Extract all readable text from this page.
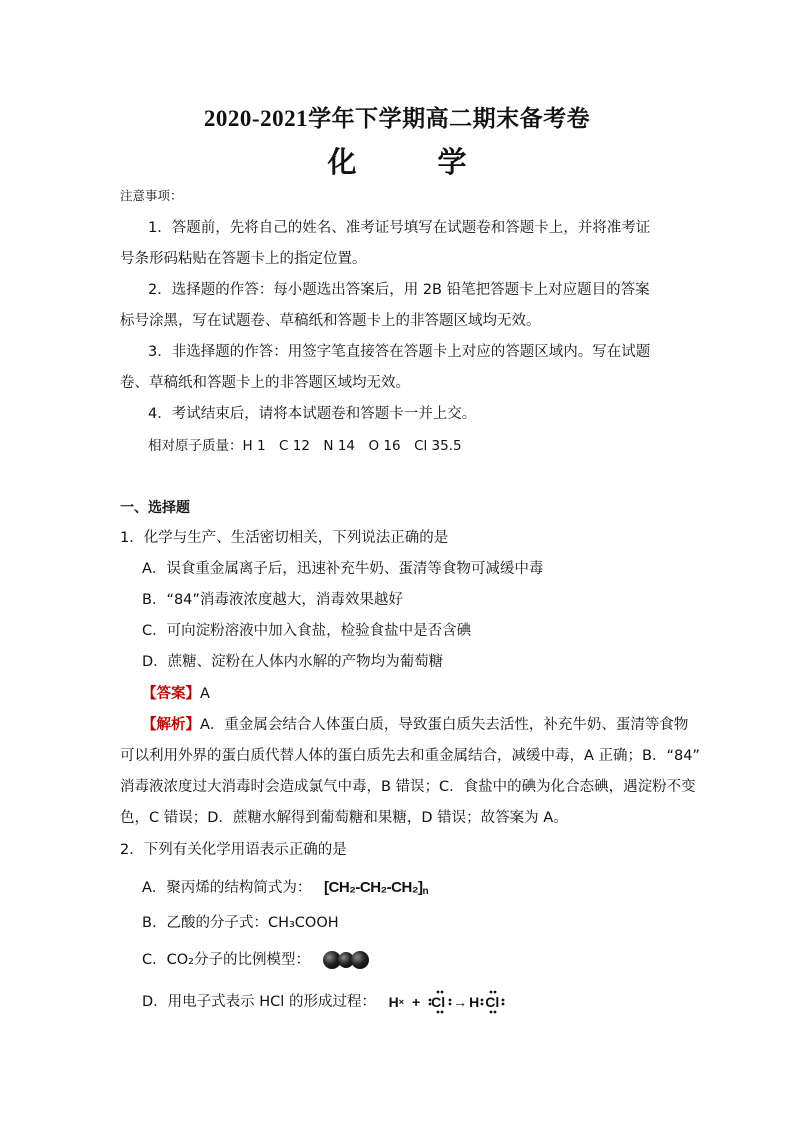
2020-2021学年下学期高二期末备考卷
化　学
注意事项：
1．答题前，先将自己的姓名、准考证号填写在试题卷和答题卡上，并将准考证
号条形码粘贴在答题卡上的指定位置。
2．选择题的作答：每小题选出答案后，用 2B 铅笔把答题卡上对应题目的答案
标号涂黑，写在试题卷、草稿纸和答题卡上的非答题区域均无效。
3．非选择题的作答：用签字笔直接答在答题卡上对应的答题区域内。写在试题
卷、草稿纸和答题卡上的非答题区域均无效。
4．考试结束后，请将本试题卷和答题卡一并上交。
相对原子质量：H 1　C 12　N 14　O 16　Cl 35.5
一、选择题
1．化学与生产、生活密切相关，下列说法正确的是
A．误食重金属离子后，迅速补充牛奶、蛋清等食物可减缓中毒
B．“84”消毒液浓度越大，消毒效果越好
C．可向淀粉溶液中加入食盐，检验食盐中是否含碘
D．蔗糖、淀粉在人体内水解的产物均为葡萄糖
【答案】A
【解析】A．重金属会结合人体蛋白质，导致蛋白质失去活性，补充牛奶、蛋清等食物
可以利用外界的蛋白质代替人体的蛋白质先去和重金属结合，减缓中毒，A 正确；B．“84”
消毒液浓度过大消毒时会造成氯气中毒，B 错误；C．食盐中的碘为化合态碘，遇淀粉不变
色，C 错误；D．蔗糖水解得到葡萄糖和果糖，D 错误；故答案为 A。
2．下列有关化学用语表示正确的是
A．聚丙烯的结构简式为： [ CH₂-CH₂-CH₂ ]$_n$
B．乙酸的分子式：CH₃COOH
C．CO₂分子的比例模型：
D．用电子式表示 HCl 的形成过程： H × + Cl → H Cl
